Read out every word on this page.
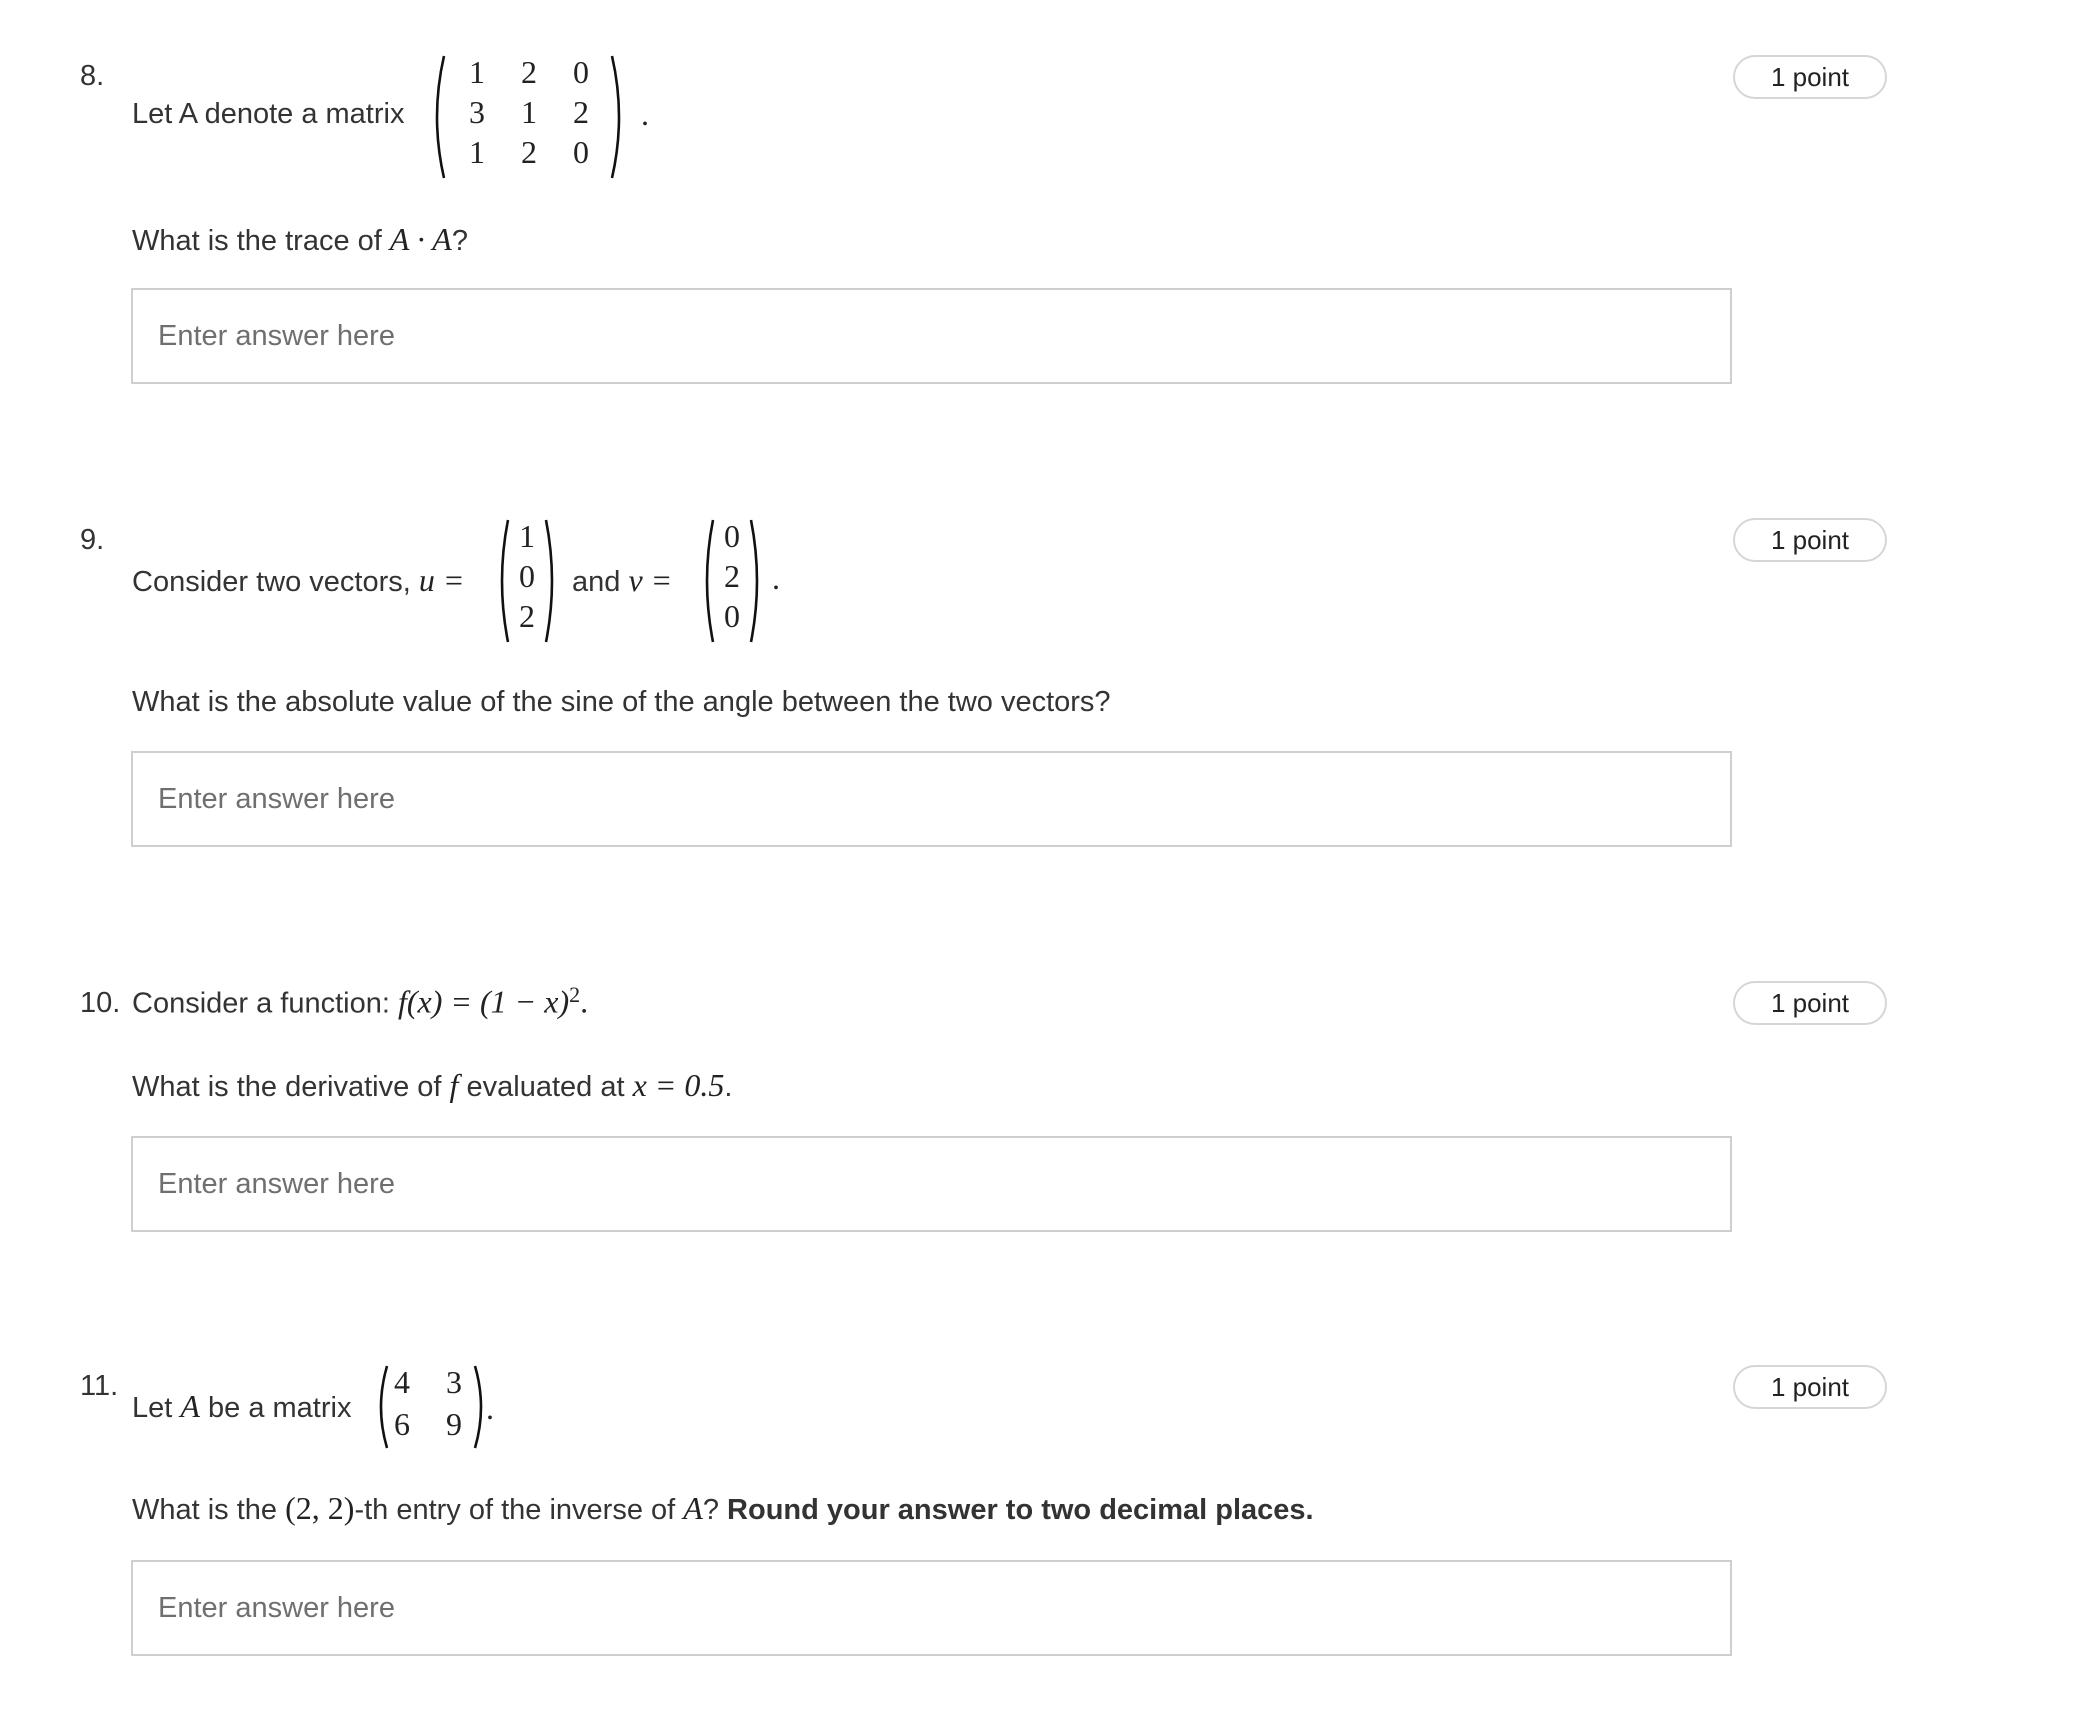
8.	1 point
Let A denote a matrix
1	2	0
3	1	2
1	2	0
.
What is the trace of A · A?
Enter answer here
9.	1 point
Consider two vectors, u =
1
0
2
and v =
0
2
0
.
What is the absolute value of the sine of the angle between the two vectors?
Enter answer here
10.	1 point
Consider a function: $f(x) = (1 - x)^2$.
What is the derivative of f evaluated at x = 0.5.
Enter answer here
11.	1 point
Let A be a matrix
4	3
6	9 .
What is the (2, 2)-th entry of the inverse of A? Round your answer to two decimal places.
Enter answer here
